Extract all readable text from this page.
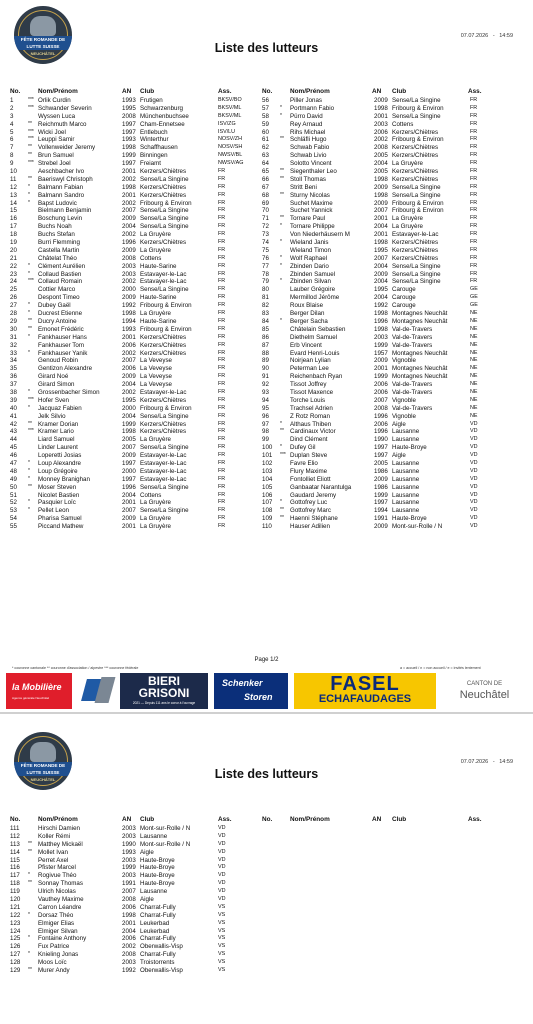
FÊTE ROMANDE DE LUTTE SUISSE
NEUCHÂTEL
07.07.2026   -   14:59
Liste des lutteurs
No.	Nom/Prénom	AN Club	Ass.	No.	Nom/Prénom	AN Club	Ass.
1	*** Orlik Curdin	1993 Frutigen	BKSV/BO
2	*** Schwander Severin	1995 Schwarzenburg	BKSV/ML
3	Wyssen Luca	2008 Münchenbuchsee	BKSV/ML
4	** Reichmuth Marco	1997 Cham-Ennetsee	ISV/ZG
5	*** Wicki Joel	1997 Entlebuch	ISV/LU
6	*** Leuppi Samir	1993 Winterthur	NOSV/ZH
7	** Vollenweider Jeremy	1998 Schaffhausen	NOSV/SH
8	** Brun Samuel	1999 Binningen	NWSV/BL
9	*** Strebel Joel	1997 Freiamt	NWSV/AG
10	Aeschbacher Ivo	2001 Kerzers/Chiètres	FR
11	** Baeriswyl Christoph	2002 Sense/La Singine	FR
12	* Balmann Fabian	1998 Kerzers/Chiètres	FR
13	* Balmann Sandro	2001 Kerzers/Chiètres	FR
14	* Bapst Ludovic	2002 Fribourg & Environ	FR
15	Bielmann Benjamin	2007 Sense/La Singine	FR
16	Boschung Levin	2009 Sense/La Singine	FR
17	Buchs Noah	2004 Sense/La Singine	FR
18	Buchs Stefan	2002 La Gruyère	FR
19	Burri Flemming	1996 Kerzers/Chiètres	FR
20	Castella Martin	2009 La Gruyère	FR
21	Châtelat Théo	2008 Cottens	FR
22	* Clément Aurélien	2003 Haute-Sarine	FR
23	* Collaud Bastien	2003 Estavayer-le-Lac	FR
24	*** Collaud Romain	2002 Estavayer-le-Lac	FR
25	Cottier Marco	2000 Sense/La Singine	FR
26	Despont Timeo	2009 Haute-Sarine	FR
27	* Dubey Gaël	1992 Fribourg & Environ	FR
28	* Ducrest Etienne	1998 La Gruyère	FR
29	** Ducry Antoine	1994 Haute-Sarine	FR
30	** Emonet Frédéric	1993 Fribourg & Environ	FR
31	* Fankhauser Hans	2001 Kerzers/Chiètres	FR
32	Fankhauser Tom	2006 Kerzers/Chiètres	FR
33	* Fankhauser Yanik	2002 Kerzers/Chiètres	FR
34	Genoud Robin	2007 La Veveyse	FR
35	Gentizon Alexandre	2006 La Veveyse	FR
36	Girard Noé	2009 La Veveyse	FR
37	Girard Simon	2004 La Veveyse	FR
38	* Grossenbacher Simon	2002 Estavayer-le-Lac	FR
39	*** Hofer Sven	1995 Kerzers/Chiètres	FR
40	* Jacquaz Fabien	2000 Fribourg & Environ	FR
41	Jelk Silvio	2004 Sense/La Singine	FR
42	** Kramer Dorian	1999 Kerzers/Chiètres	FR
43	*** Kramer Lario	1998 Kerzers/Chiètres	FR
44	Liard Samuel	2005 La Gruyère	FR
45	Linder Laurent	2007 Sense/La Singine	FR
46	Loperetti Josias	2009 Estavayer-le-Lac	FR
47	* Loup Alexandre	1997 Estavayer-le-Lac	FR
48	* Loup Grégoire	2000 Estavayer-le-Lac	FR
49	* Monney Branighan	1997 Estavayer-le-Lac	FR
50	** Moser Steven	1996 Sense/La Singine	FR
51	Nicolet Bastien	2004 Cottens	FR
52	* Pasquier Loïc	2001 La Gruyère	FR
53	* Pellet Leon	2007 Sense/La Singine	FR
54	Pharisa Samuel	2009 La Gruyère	FR
55	Piccand Mathew	2001 La Gruyère	FR
56	Piller Jonas	2009 Sense/La Singine	FR
57	* Portmann Fabio	1998 Fribourg & Environ	FR
58	* Pürro David	2001 Sense/La Singine	FR
59	Rey Arnaud	2003 Cottens	FR
60	Rihs Michael	2006 Kerzers/Chiètres	FR
61	** Schläfli Hugo	2002 Fribourg & Environ	FR
62	Schwab Fabio	2008 Kerzers/Chiètres	FR
63	Schwab Livio	2005 Kerzers/Chiètres	FR
64	Solotto Vincent	2004 La Gruyère	FR
65	** Siegenthaler Leo	2005 Kerzers/Chiètres	FR
66	** Stoll Thomas	1998 Kerzers/Chiètres	FR
67	Stritt Beni	2009 Sense/La Singine	FR
68	** Sturny Nicolas	1998 Sense/La Singine	FR
69	Suchet Maxime	2009 Fribourg & Environ	FR
70	Suchet Yannick	2007 Fribourg & Environ	FR
71	** Tornare Paul	2001 La Gruyère	FR
72	* Tornare Philippe	2004 La Gruyère	FR
73	Von Niederhäusern M	2001 Estavayer-le-Lac	FR
74	* Wieland Janis	1998 Kerzers/Chiètres	FR
75	Wieland Timon	1995 Kerzers/Chiètres	FR
76	* Wolf Raphael	2007 Kerzers/Chiètres	FR
77	* Zbinden Dario	2004 Sense/La Singine	FR
78	Zbinden Samuel	2009 Sense/La Singine	FR
79	* Zbinden Silvan	2004 Sense/La Singine	FR
80	Lauber Grégoire	1995 Carouge	GE
81	Mermillod Jérôme	2004 Carouge	GE
82	Roux Blaise	1992 Carouge	GE
83	Berger Dilan	1998 Montagnes Neuchât	NE
84	* Berger Sacha	1996 Montagnes Neuchât	NE
85	Châtelain Sebastien	1998 Val-de-Travers	NE
86	Diethelm Samuel	2003 Val-de-Travers	NE
87	Erb Vincent	1999 Val-de-Travers	NE
88	Evard Henri-Louis	1957 Montagnes Neuchât	NE
89	Noirjean Lylian	2009 Vignoble	NE
90	Peterman Lee	2001 Montagnes Neuchât	NE
91	Reichenbach Ryan	1999 Montagnes Neuchât	NE
92	Tissot Joffrey	2006 Val-de-Travers	NE
93	Tissot Maxence	2006 Val-de-Travers	NE
94	Torche Louis	2007 Vignoble	NE
95	Trachsel Adrien	2008 Val-de-Travers	NE
96	Z Rotz Roman	1996 Vignoble	NE
97	* Althaus Thiben	2006 Aigle	VD
98	** Cardinaux Victor	1996 Lausanne	VD
99	Dind Clément	1990 Lausanne	VD
100	* Dufey Gil	1997 Haute-Broye	VD
101	*** Duplan Steve	1997 Aigle	VD
102	Favre Elio	2005 Lausanne	VD
103	Flury Maxime	1986 Lausanne	VD
104	Fontolliet Eliott	2009 Lausanne	VD
105	Ganbaatar Narantulga	1986 Lausanne	VD
106	Gaudard Jeremy	1999 Lausanne	VD
107	* Gottofrey Luc	1997 Lausanne	VD
108	** Gottofrey Marc	1994 Lausanne	VD
109	** Haenni Stéphane	1991 Haute-Broye	VD
110	Hauser Adilien	2009 Mont-sur-Rolle / N	VD
Page 1/2
* couronne cantonale ** couronne d'association / alpestre *** couronne fédérale	a = accueil / n = non accueil / e = invités lentement
la Mobilière
Agence générale Neuchâtel
BIERI
GRISONI
2021 — Depuis 111 ans le coeur à l'ouvrage
Schenker
Storen
FASEL
ECHAFAUDAGES
CANTON DE
Neuchâtel
FÊTE ROMANDE DE LUTTE SUISSE
NEUCHÂTEL
07.07.2026   -   14:59
Liste des lutteurs
No.	Nom/Prénom	AN Club	Ass.	No.	Nom/Prénom	AN Club	Ass.
111	Hirschi Damien	2003 Mont-sur-Rolle / N	VD
112	Koller Rémi	2003 Lausanne	VD
113	** Matthey Mickaël	1990 Mont-sur-Rolle / N	VD
114	** Mollet Ivan	1993 Aigle	VD
115	Perret Axel	2003 Haute-Broye	VD
116	Pfister Marcel	1999 Haute-Broye	VD
117	* Rogivue Théo	2003 Haute-Broye	VD
118	** Sonnay Thomas	1991 Haute-Broye	VD
119	Ulrich Nicolas	2007 Lausanne	VD
120	Vauthey Maxime	2008 Aigle	VD
121	Carron Léandre	2006 Charrat-Fully	VS
122	* Dorsaz Théo	1998 Charrat-Fully	VS
123	Elmiger Elias	2001 Leukerbad	VS
124	Elmiger Silvan	2004 Leukerbad	VS
125	* Fontaine Anthony	2006 Charrat-Fully	VS
126	Fux Patrice	2002 Oberwallis-Visp	VS
127	* Knieling Jonas	2008 Charrat-Fully	VS
128	Moos Loïc	2003 Troistorrents	VS
129	** Murer Andy	1992 Oberwallis-Visp	VS
